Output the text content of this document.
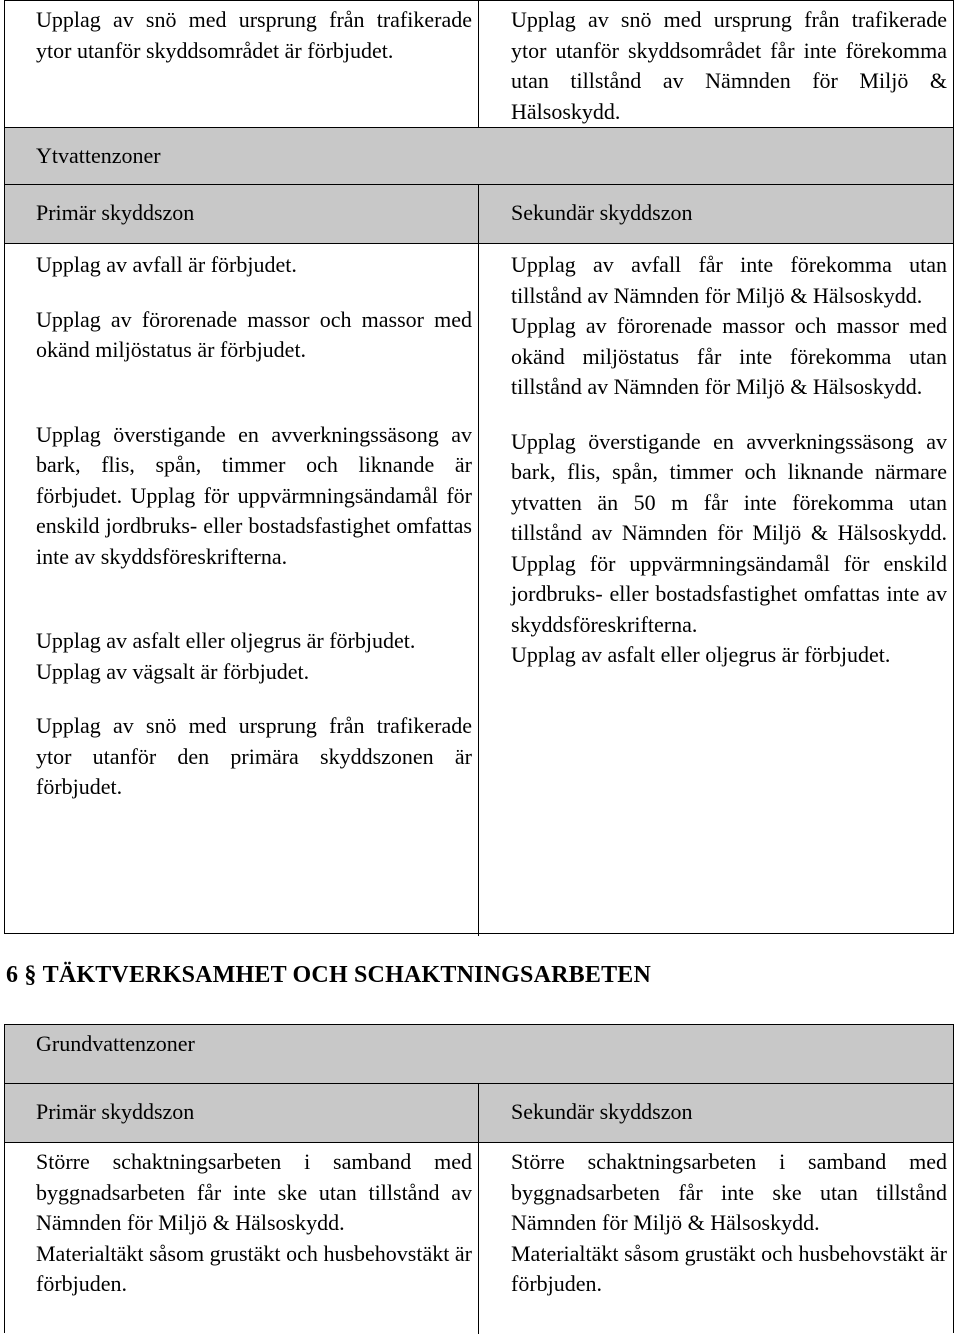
Upplag av snö med ursprung från trafikerade ytor utanför skyddsområdet är förbjudet.

Upplag av snö med ursprung från trafikerade ytor utanför skyddsområdet får inte förekomma utan tillstånd av Nämnden för Miljö & Hälsoskydd.

Ytvattenzoner
Primär skyddszon	Sekundär skyddszon

Upplag av avfall är förbjudet.

Upplag av förorenade massor och massor med okänd miljöstatus är förbjudet.

Upplag överstigande en avverkningssäsong av bark, flis, spån, timmer och liknande är förbjudet. Upplag för uppvärmningsändamål för enskild jordbruks- eller bostadsfastighet omfattas inte av skyddsföreskrifterna.

Upplag av asfalt eller oljegrus är förbjudet.

Upplag av vägsalt är förbjudet.

Upplag av snö med ursprung från trafikerade ytor utanför den primära skyddszonen är förbjudet.

Upplag av avfall får inte förekomma utan tillstånd av Nämnden för Miljö & Hälsoskydd.

Upplag av förorenade massor och massor med okänd miljöstatus får inte förekomma utan tillstånd av Nämnden för Miljö & Hälsoskydd.

Upplag överstigande en avverkningssäsong av bark, flis, spån, timmer och liknande närmare ytvatten än 50 m får inte förekomma utan tillstånd av Nämnden för Miljö & Hälsoskydd. Upplag för uppvärmningsändamål för enskild jordbruks- eller bostadsfastighet omfattas inte av skyddsföreskrifterna.

Upplag av asfalt eller oljegrus är förbjudet.

6 § TÄKTVERKSAMHET OCH SCHAKTNINGSARBETEN
Grundvattenzoner
Primär skyddszon	Sekundär skyddszon

Större schaktningsarbeten i samband med byggnadsarbeten får inte ske utan tillstånd av Nämnden för Miljö & Hälsoskydd.

Materialtäkt såsom grustäkt och husbehovstäkt är förbjuden.

Större schaktningsarbeten i samband med byggnadsarbeten får inte ske utan tillstånd Nämnden för Miljö & Hälsoskydd.

Materialtäkt såsom grustäkt och husbehovstäkt är förbjuden.
